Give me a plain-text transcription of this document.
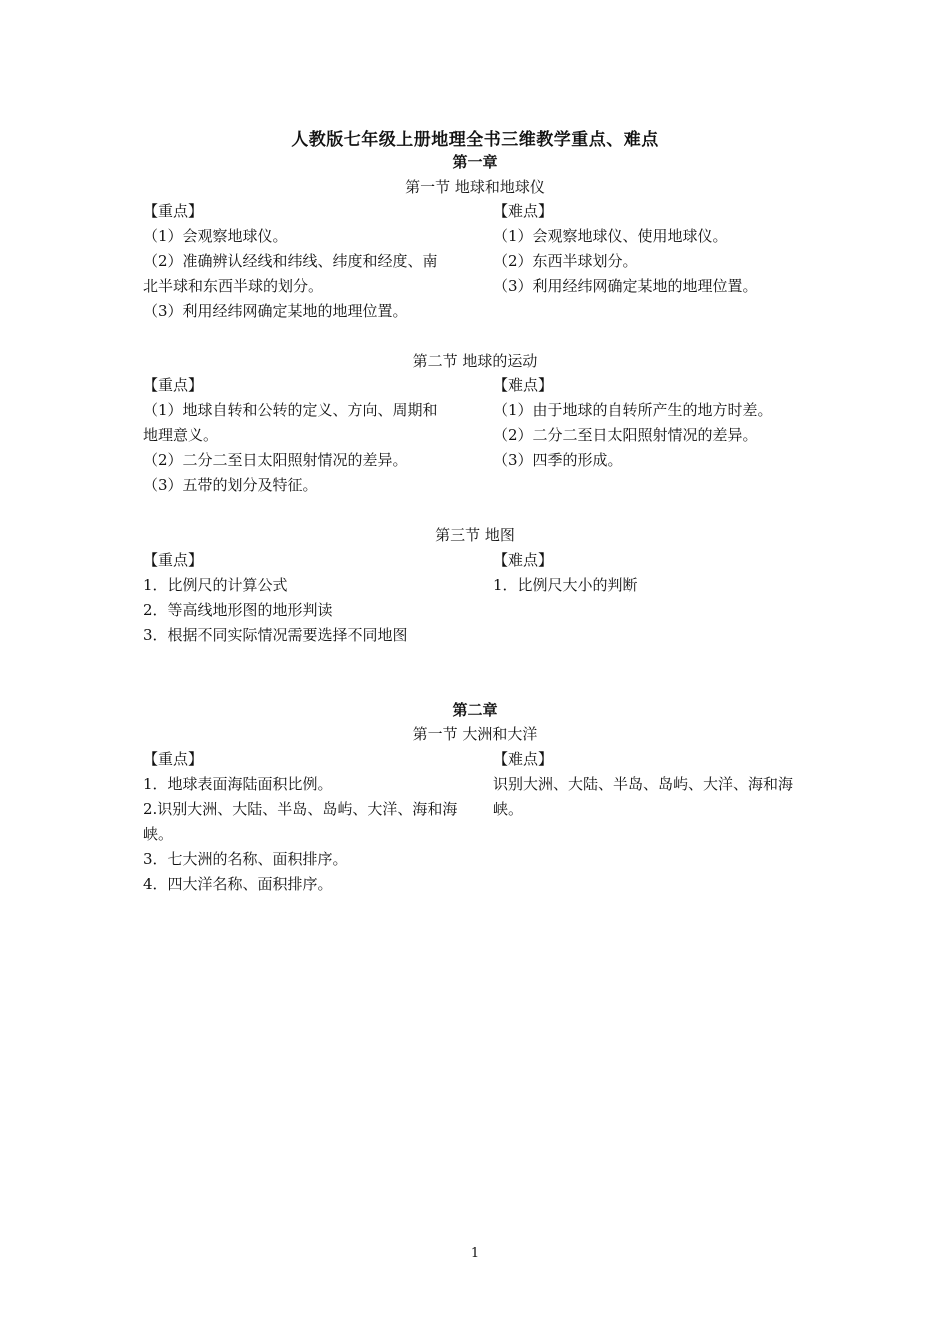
人教版七年级上册地理全书三维教学重点、难点
第一章
第一节 地球和地球仪
【重点】
（1）会观察地球仪。
（2）准确辨认经线和纬线、纬度和经度、南
北半球和东西半球的划分。
（3）利用经纬网确定某地的地理位置。
【难点】
（1）会观察地球仪、使用地球仪。
（2）东西半球划分。
（3）利用经纬网确定某地的地理位置。
第二节 地球的运动
【重点】
（1）地球自转和公转的定义、方向、周期和
地理意义。
（2）二分二至日太阳照射情况的差异。
（3）五带的划分及特征。
【难点】
（1）由于地球的自转所产生的地方时差。
（2）二分二至日太阳照射情况的差异。
（3）四季的形成。
第三节 地图
【重点】
1．比例尺的计算公式
2．等高线地形图的地形判读
3．根据不同实际情况需要选择不同地图
【难点】
1．比例尺大小的判断
第二章
第一节 大洲和大洋
【重点】
1．地球表面海陆面积比例。
2.识别大洲、大陆、半岛、岛屿、大洋、海和海
峡。
3．七大洲的名称、面积排序。
4．四大洋名称、面积排序。
【难点】
识别大洲、大陆、半岛、岛屿、大洋、海和海
峡。
1
